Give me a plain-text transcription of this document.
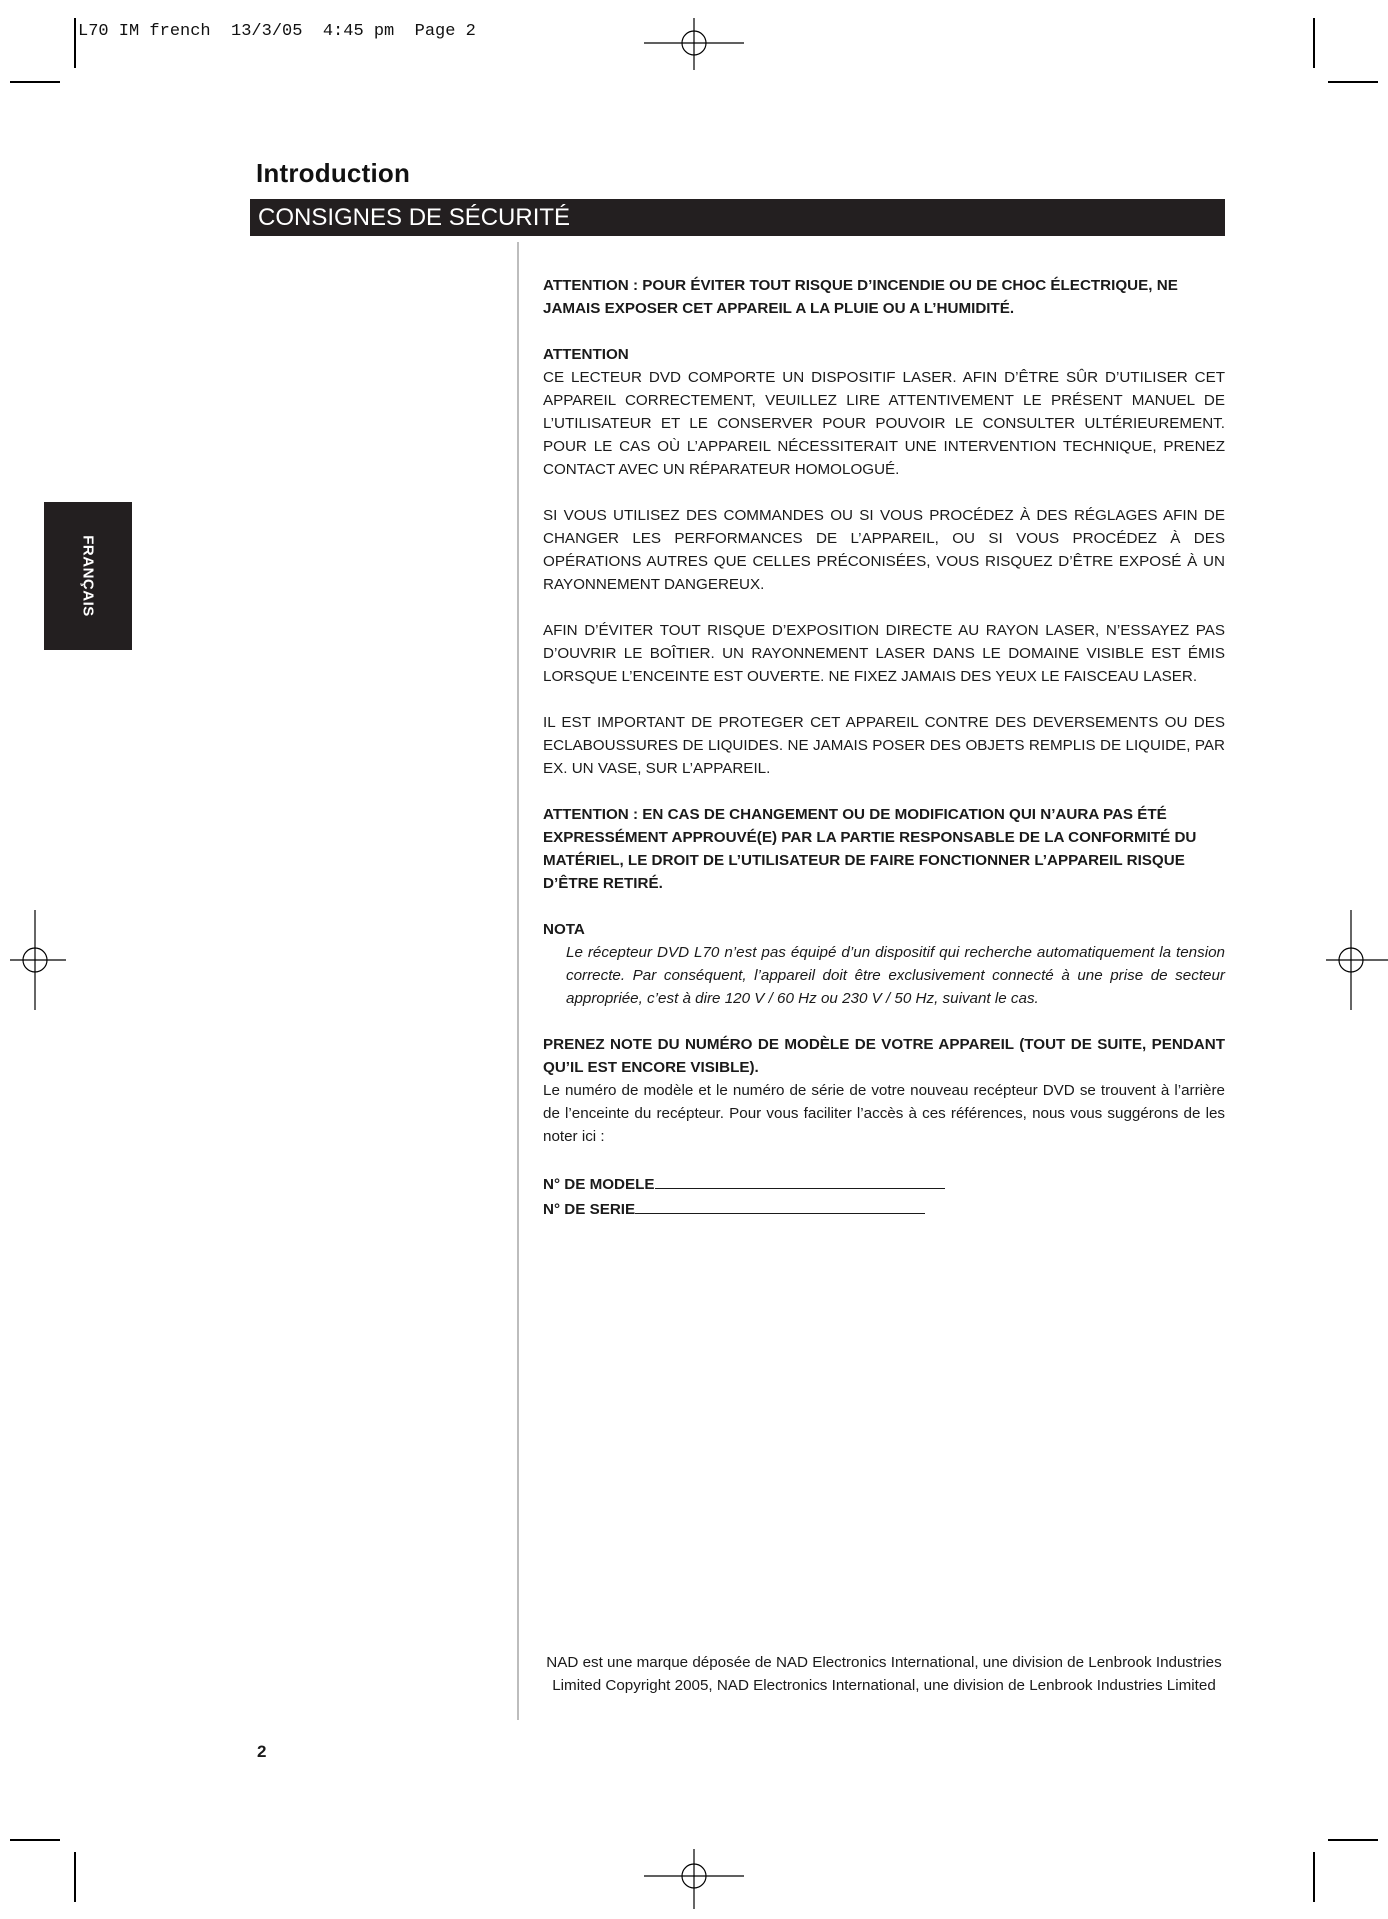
L70 IM french  13/3/05  4:45 pm  Page 2
Introduction
CONSIGNES DE SÉCURITÉ
FRANÇAIS

ATTENTION : POUR ÉVITER TOUT RISQUE D’INCENDIE OU DE CHOC ÉLECTRIQUE, NE JAMAIS EXPOSER CET APPAREIL A LA PLUIE OU A L’HUMIDITÉ.

ATTENTION
CE LECTEUR DVD COMPORTE UN DISPOSITIF LASER. AFIN D’ÊTRE SÛR D’UTILISER CET APPAREIL CORRECTEMENT, VEUILLEZ LIRE ATTENTIVEMENT LE PRÉSENT MANUEL DE L’UTILISATEUR ET LE CONSERVER POUR POUVOIR LE CONSULTER ULTÉRIEUREMENT. POUR LE CAS OÙ L’APPAREIL NÉCESSITERAIT UNE INTERVENTION TECHNIQUE, PRENEZ CONTACT AVEC UN RÉPARATEUR HOMOLOGUÉ.

SI VOUS UTILISEZ DES COMMANDES OU SI VOUS PROCÉDEZ À DES RÉGLAGES AFIN DE CHANGER LES PERFORMANCES DE L’APPAREIL, OU SI VOUS PROCÉDEZ À DES OPÉRATIONS AUTRES QUE CELLES PRÉCONISÉES, VOUS RISQUEZ D’ÊTRE EXPOSÉ À UN RAYONNEMENT DANGEREUX.

AFIN D’ÉVITER TOUT RISQUE D’EXPOSITION DIRECTE AU RAYON LASER, N’ESSAYEZ PAS D’OUVRIR LE BOÎTIER. UN RAYONNEMENT LASER DANS LE DOMAINE VISIBLE EST ÉMIS LORSQUE L’ENCEINTE EST OUVERTE. NE FIXEZ JAMAIS DES YEUX LE FAISCEAU LASER.

IL EST IMPORTANT DE PROTEGER CET APPAREIL CONTRE DES DEVERSEMENTS OU DES ECLABOUSSURES DE LIQUIDES. NE JAMAIS POSER DES OBJETS REMPLIS DE LIQUIDE, PAR EX. UN VASE, SUR L’APPAREIL.

ATTENTION : EN CAS DE CHANGEMENT OU DE MODIFICATION QUI N’AURA PAS ÉTÉ EXPRESSÉMENT APPROUVÉ(E) PAR LA PARTIE RESPONSABLE DE LA CONFORMITÉ DU MATÉRIEL, LE DROIT DE L’UTILISATEUR DE FAIRE FONCTIONNER L’APPAREIL RISQUE D’ÊTRE RETIRÉ.

NOTA

Le récepteur DVD L70 n’est pas équipé d’un dispositif qui recherche automatiquement la tension correcte. Par conséquent, l’appareil doit être exclusivement connecté à une prise de secteur appropriée, c’est à dire 120 V / 60 Hz ou 230 V / 50 Hz, suivant le cas.

PRENEZ NOTE DU NUMÉRO DE MODÈLE DE VOTRE APPAREIL (TOUT DE SUITE, PENDANT QU’IL EST ENCORE VISIBLE).
Le numéro de modèle et le numéro de série de votre nouveau recépteur DVD se trouvent à l’arrière de l’enceinte du recépteur. Pour vous faciliter l’accès à ces références, nous vous suggérons de les noter ici :

N° DE MODELE
N° DE SERIE
NAD est une marque déposée de NAD Electronics International, une division de Lenbrook Industries Limited Copyright 2005, NAD Electronics International, une division de Lenbrook Industries Limited
2
